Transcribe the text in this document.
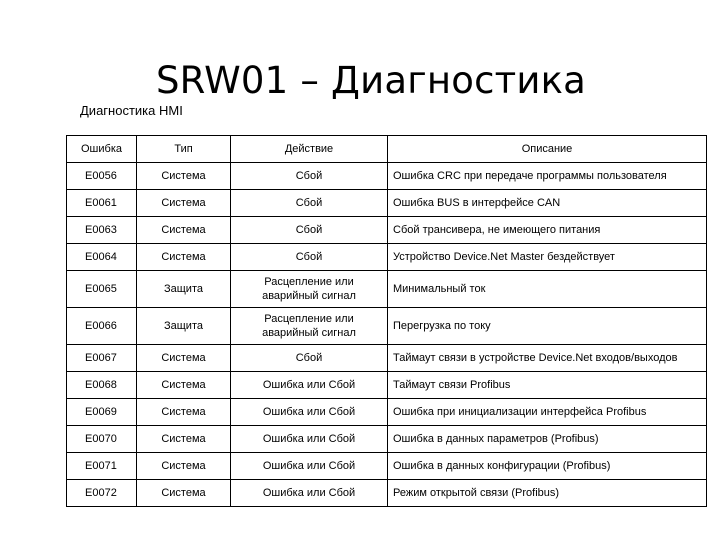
SRW01 – Диагностика
Диагностика HMI
Ошибка	Тип	Действие	Описание
E0056	Система	Сбой	Ошибка CRC при передаче программы пользователя
E0061	Система	Сбой	Ошибка BUS в интерфейсе CAN
E0063	Система	Сбой	Сбой трансивера, не имеющего питания
E0064	Система	Сбой	Устройство Device.Net Master бездействует
E0065	Защита	Расцепление или аварийный сигнал	Минимальный ток
E0066	Защита	Расцепление или аварийный сигнал	Перегрузка по току
E0067	Система	Сбой	Таймаут связи в устройстве Device.Net входов/выходов
E0068	Система	Ошибка или Сбой	Таймаут связи Profibus
E0069	Система	Ошибка или Сбой	Ошибка при инициализации интерфейса Profibus
E0070	Система	Ошибка или Сбой	Ошибка в данных параметров (Profibus)
E0071	Система	Ошибка или Сбой	Ошибка в данных конфигурации (Profibus)
E0072	Система	Ошибка или Сбой	Режим открытой связи (Profibus)
